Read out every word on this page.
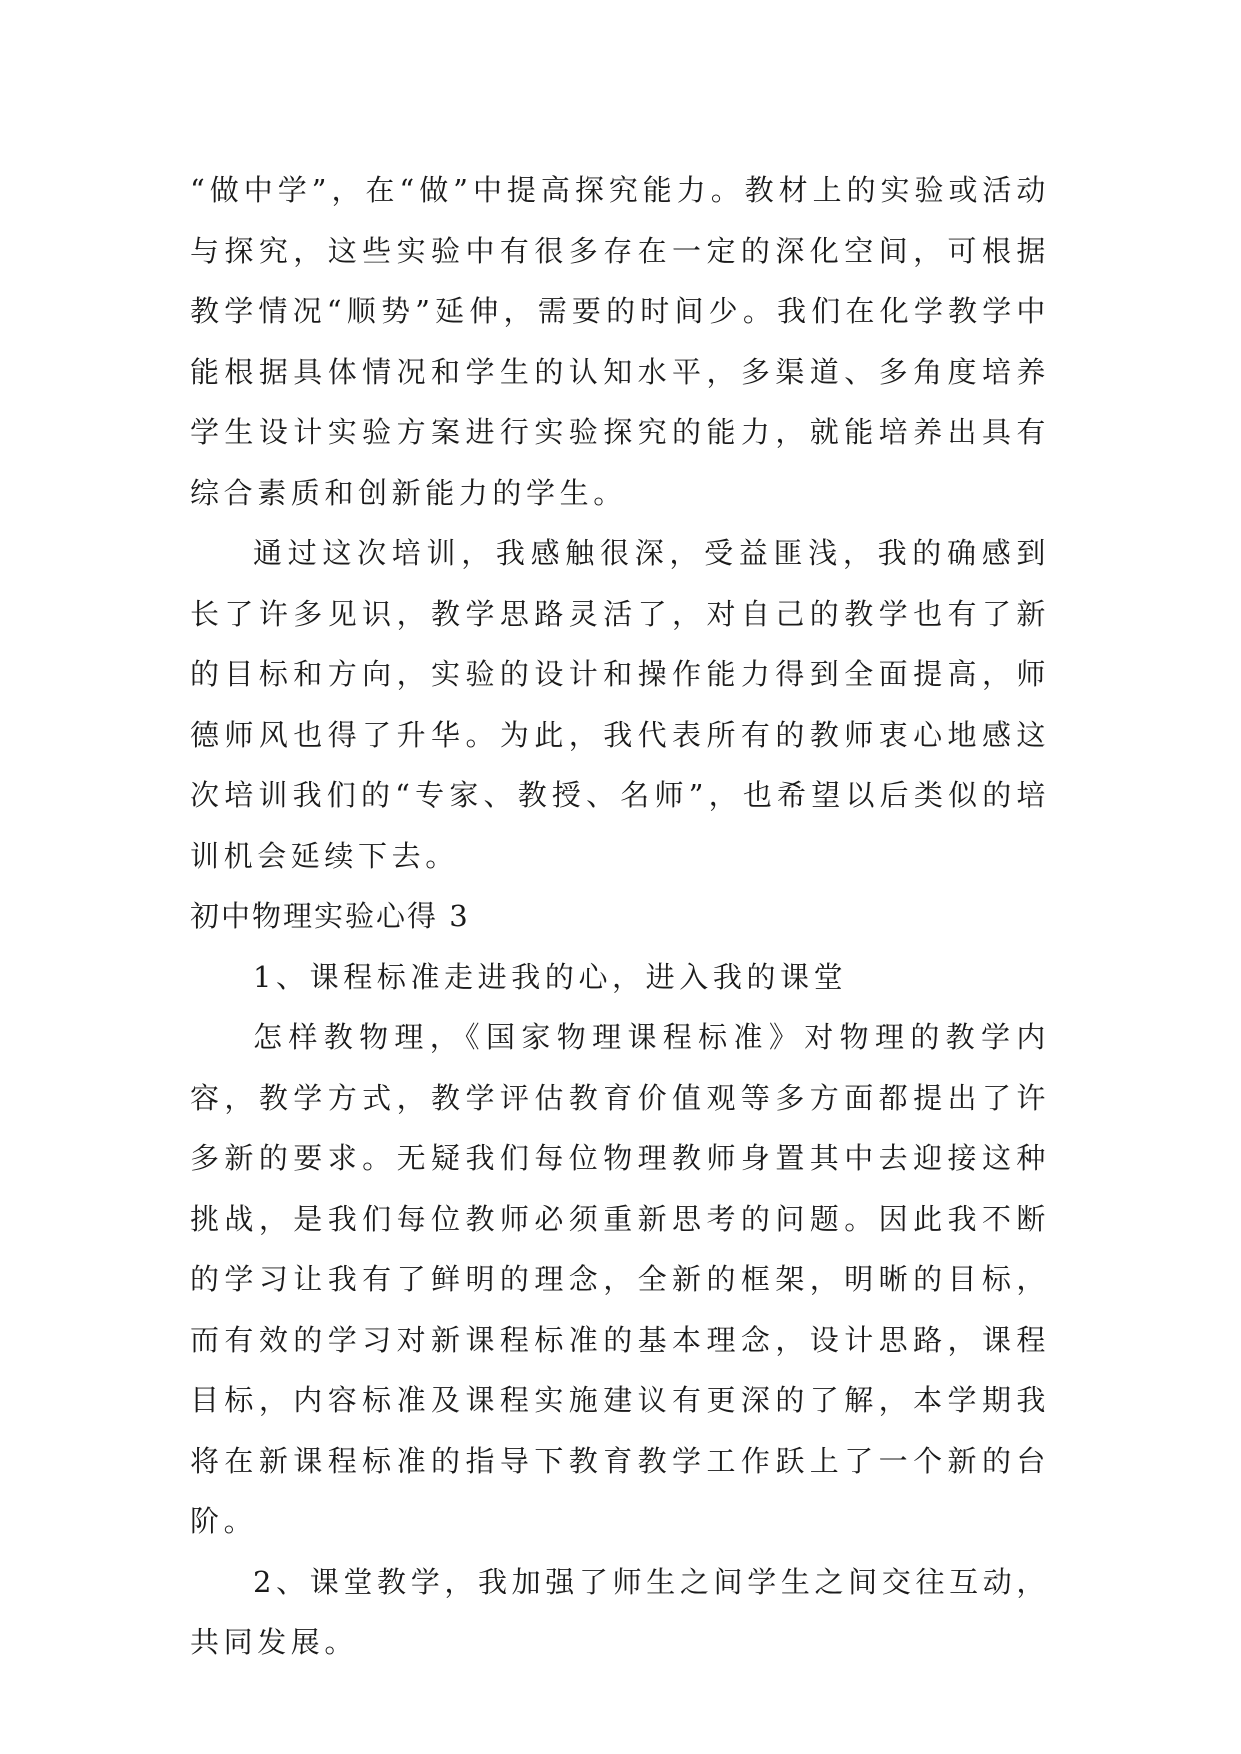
“做中学”，在“做”中提高探究能力。教材上的实验或活动与探究，这些实验中有很多存在一定的深化空间，可根据教学情况“顺势”延伸，需要的时间少。我们在化学教学中能根据具体情况和学生的认知水平，多渠道、多角度培养学生设计实验方案进行实验探究的能力，就能培养出具有综合素质和创新能力的学生。

通过这次培训，我感触很深，受益匪浅，我的确感到长了许多见识，教学思路灵活了，对自己的教学也有了新的目标和方向，实验的设计和操作能力得到全面提高，师德师风也得了升华。为此，我代表所有的教师衷心地感这次培训我们的“专家、教授、名师”，也希望以后类似的培训机会延续下去。

初中物理实验心得 3

1、课程标准走进我的心，进入我的课堂

怎样教物理，《国家物理课程标准》对物理的教学内容，教学方式，教学评估教育价值观等多方面都提出了许多新的要求。无疑我们每位物理教师身置其中去迎接这种挑战，是我们每位教师必须重新思考的问题。因此我不断的学习让我有了鲜明的理念，全新的框架，明晰的目标，而有效的学习对新课程标准的基本理念，设计思路，课程目标，内容标准及课程实施建议有更深的了解，本学期我将在新课程标准的指导下教育教学工作跃上了一个新的台阶。

2、课堂教学，我加强了师生之间学生之间交往互动，共同发展。
